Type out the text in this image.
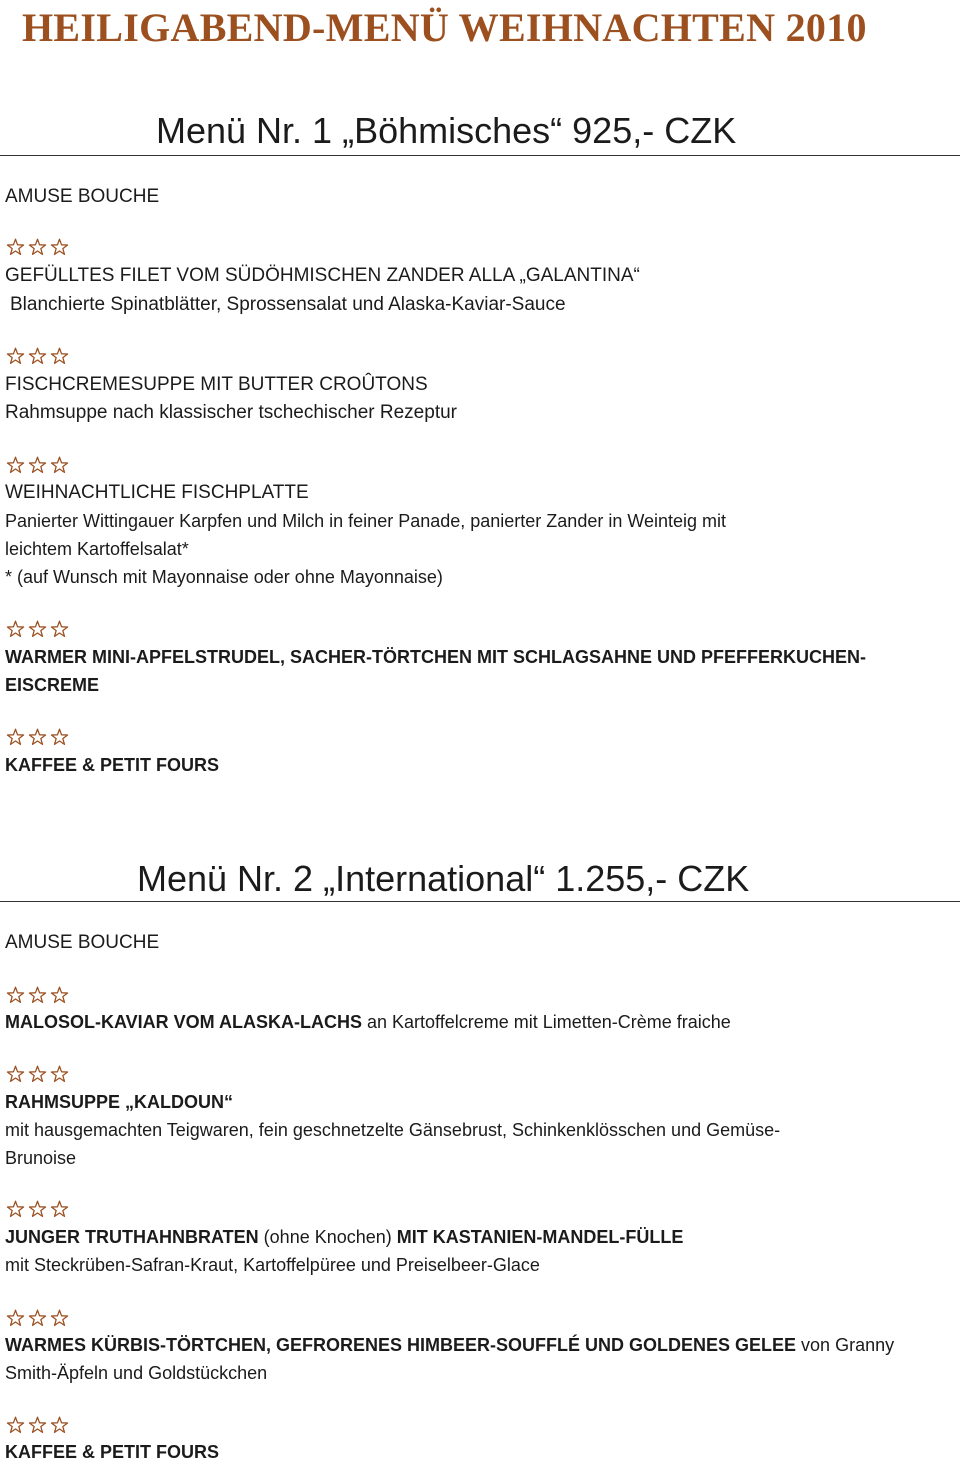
HEILIGABEND-MENÜ WEIHNACHTEN 2010
Menü Nr. 1 „Böhmisches“ 925,- CZK
AMUSE BOUCHE
GEFÜLLTES FILET VOM SÜDÖHMISCHEN ZANDER ALLA „GALANTINA“
Blanchierte Spinatblätter, Sprossensalat und Alaska-Kaviar-Sauce
FISCHCREMESUPPE MIT BUTTER CROÛTONS
Rahmsuppe nach klassischer tschechischer Rezeptur
WEIHNACHTLICHE FISCHPLATTE
Panierter Wittingauer Karpfen und Milch in feiner Panade, panierter Zander in Weinteig mit
leichtem Kartoffelsalat*
* (auf Wunsch mit Mayonnaise oder ohne Mayonnaise)
WARMER MINI-APFELSTRUDEL, SACHER-TÖRTCHEN MIT SCHLAGSAHNE UND PFEFFERKUCHEN-
EISCREME
KAFFEE & PETIT FOURS
Menü Nr. 2 „International“ 1.255,- CZK
AMUSE BOUCHE
MALOSOL-KAVIAR VOM ALASKA-LACHS an Kartoffelcreme mit Limetten-Crème fraiche
RAHMSUPPE „KALDOUN“
mit hausgemachten Teigwaren, fein geschnetzelte Gänsebrust, Schinkenklösschen und Gemüse-
Brunoise
JUNGER TRUTHAHNBRATEN (ohne Knochen) MIT KASTANIEN-MANDEL-FÜLLE
mit Steckrüben-Safran-Kraut, Kartoffelpüree und Preiselbeer-Glace
WARMES KÜRBIS-TÖRTCHEN, GEFRORENES HIMBEER-SOUFFLÉ UND GOLDENES GELEE von Granny
Smith-Äpfeln und Goldstückchen
KAFFEE & PETIT FOURS
